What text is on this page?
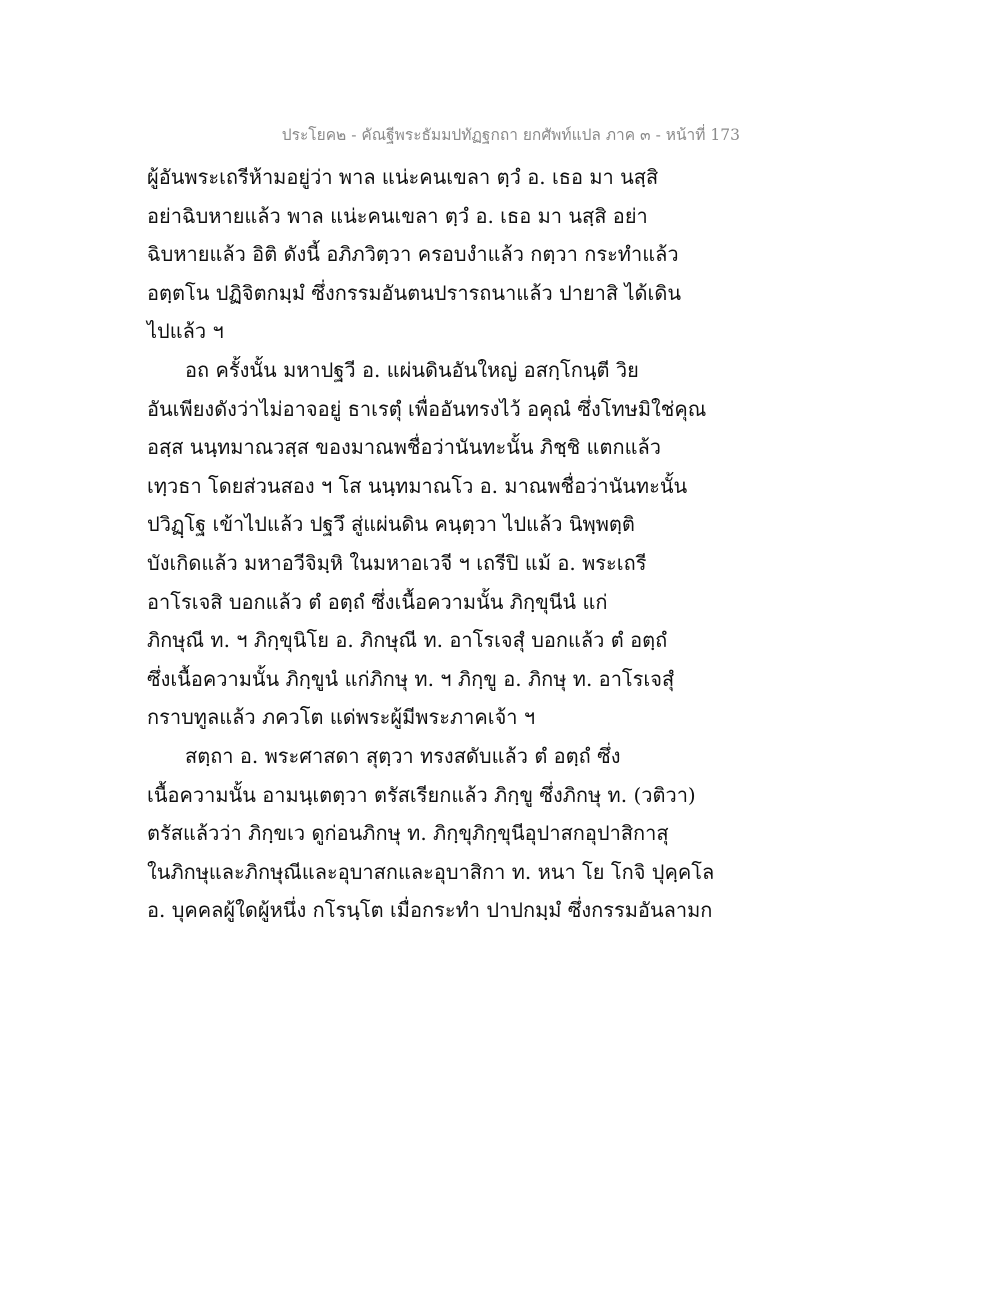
ประโยค๒ - คัณฐีพระธัมมปทัฏฐกถา ยกศัพท์แปล ภาค ๓ - หน้าที่ 173
ผู้อันพระเถรีห้ามอยู่ว่า พาล แน่ะคนเขลา ตฺวํ อ. เธอ มา นสฺสิ
อย่าฉิบหายแล้ว พาล แน่ะคนเขลา ตฺวํ อ. เธอ มา นสฺสิ อย่า
ฉิบหายแล้ว อิติ ดังนี้ อภิภวิตฺวา ครอบงำแล้ว กตฺวา กระทำแล้ว
อตฺตโน ปฏิจิตกมฺมํ ซึ่งกรรมอันตนปรารถนาแล้ว ปายาสิ ได้เดิน
ไปแล้ว ฯ
อถ ครั้งนั้น มหาปฐวี อ. แผ่นดินอันใหญ่ อสกฺโกนฺตี วิย
อันเพียงดังว่าไม่อาจอยู่ ธาเรตุํ เพื่ออันทรงไว้ อคุณํ ซึ่งโทษมิใช่คุณ
อสฺส นนฺทมาณวสฺส ของมาณพชื่อว่านันทะนั้น ภิชฺชิ แตกแล้ว
เทฺวธา โดยส่วนสอง ฯ โส นนฺทมาณโว อ. มาณพชื่อว่านันทะนั้น
ปวิฏฺโฐ เข้าไปแล้ว ปฐวึ สู่แผ่นดิน คนฺตฺวา ไปแล้ว นิพฺพตฺติ
บังเกิดแล้ว มหาอวีจิมฺหิ ในมหาอเวจี ฯ เถรีปิ แม้ อ. พระเถรี
อาโรเจสิ บอกแล้ว ตํ อตฺถํ ซึ่งเนื้อความนั้น ภิกฺขุนีนํ แก่
ภิกษุณี ท. ฯ ภิกฺขุนิโย อ. ภิกษุณี ท. อาโรเจสุํ บอกแล้ว ตํ อตฺถํ
ซึ่งเนื้อความนั้น ภิกฺขูนํ แก่ภิกษุ ท. ฯ ภิกฺขู อ. ภิกษุ ท. อาโรเจสุํ
กราบทูลแล้ว ภควโต แด่พระผู้มีพระภาคเจ้า ฯ
สตฺถา อ. พระศาสดา สุตฺวา ทรงสดับแล้ว ตํ อตฺถํ ซึ่ง
เนื้อความนั้น อามนฺเตตฺวา ตรัสเรียกแล้ว ภิกฺขู ซึ่งภิกษุ ท. (วติวา)
ตรัสแล้วว่า ภิกฺขเว ดูก่อนภิกษุ ท. ภิกฺขุภิกฺขุนีอุปาสกอุปาสิกาสุ
ในภิกษุและภิกษุณีและอุบาสกและอุบาสิกา ท. หนา โย โกจิ ปุคฺคโล
อ. บุคคลผู้ใดผู้หนึ่ง กโรนฺโต เมื่อกระทำ ปาปกมฺมํ ซึ่งกรรมอันลามก
